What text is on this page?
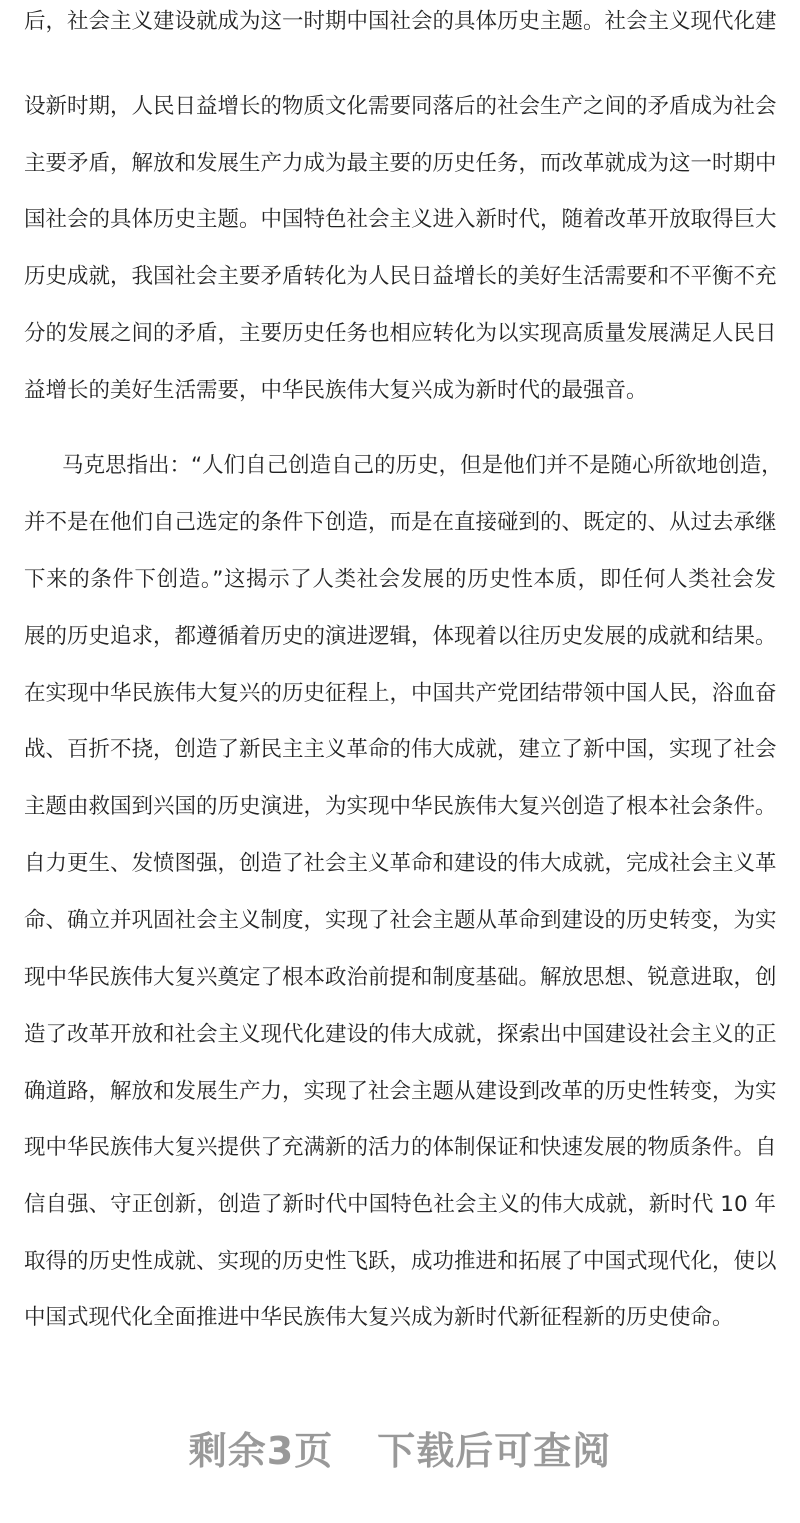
后，社会主义建设就成为这一时期中国社会的具体历史主题。社会主义现代化建
设新时期，人民日益增长的物质文化需要同落后的社会生产之间的矛盾成为社会
主要矛盾，解放和发展生产力成为最主要的历史任务，而改革就成为这一时期中
国社会的具体历史主题。中国特色社会主义进入新时代，随着改革开放取得巨大
历史成就，我国社会主要矛盾转化为人民日益增长的美好生活需要和不平衡不充
分的发展之间的矛盾，主要历史任务也相应转化为以实现高质量发展满足人民日
益增长的美好生活需要，中华民族伟大复兴成为新时代的最强音。
马克思指出：“人们自己创造自己的历史，但是他们并不是随心所欲地创造，
并不是在他们自己选定的条件下创造，而是在直接碰到的、既定的、从过去承继
下来的条件下创造。”这揭示了人类社会发展的历史性本质，即任何人类社会发
展的历史追求，都遵循着历史的演进逻辑，体现着以往历史发展的成就和结果。
在实现中华民族伟大复兴的历史征程上，中国共产党团结带领中国人民，浴血奋
战、百折不挠，创造了新民主主义革命的伟大成就，建立了新中国，实现了社会
主题由救国到兴国的历史演进，为实现中华民族伟大复兴创造了根本社会条件。
自力更生、发愤图强，创造了社会主义革命和建设的伟大成就，完成社会主义革
命、确立并巩固社会主义制度，实现了社会主题从革命到建设的历史转变，为实
现中华民族伟大复兴奠定了根本政治前提和制度基础。解放思想、锐意进取，创
造了改革开放和社会主义现代化建设的伟大成就，探索出中国建设社会主义的正
确道路，解放和发展生产力，实现了社会主题从建设到改革的历史性转变，为实
现中华民族伟大复兴提供了充满新的活力的体制保证和快速发展的物质条件。自
信自强、守正创新，创造了新时代中国特色社会主义的伟大成就，新时代 10 年
取得的历史性成就、实现的历史性飞跃，成功推进和拓展了中国式现代化，使以
中国式现代化全面推进中华民族伟大复兴成为新时代新征程新的历史使命。
剩余3页 下载后可查阅
